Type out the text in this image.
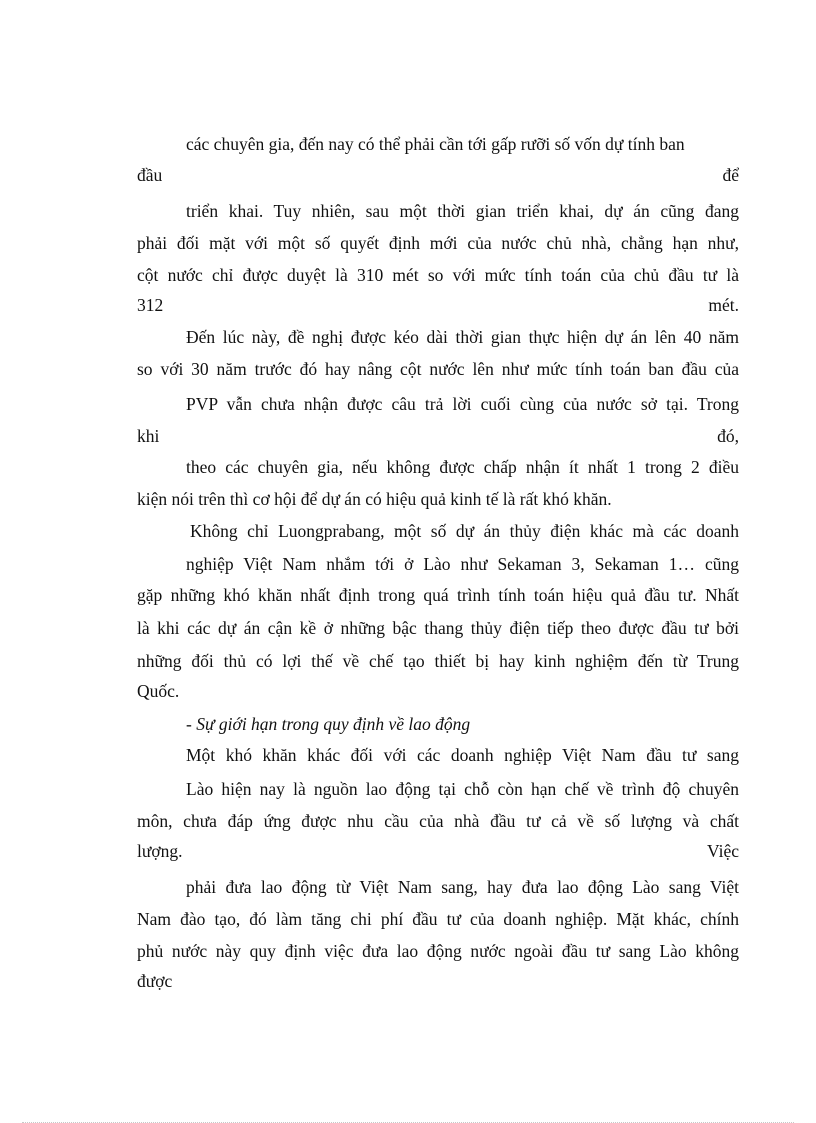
các chuyên gia, đến nay có thể phải cần tới gấp rưỡi số vốn dự tính ban
đầu	để
triển khai. Tuy nhiên, sau một thời gian triển khai, dự án cũng đang
phải đối mặt với một số quyết định mới của nước chủ nhà, chẳng hạn như,
cột nước chỉ được duyệt là 310 mét so với mức tính toán của chủ đầu tư là
312	mét.
Đến lúc này, đề nghị được kéo dài thời gian thực hiện dự án lên 40 năm
so với 30 năm trước đó hay nâng cột nước lên như mức tính toán ban đầu của
PVP vẫn chưa nhận được câu trả lời cuối cùng của nước sở tại. Trong
khi	đó,
theo các chuyên gia, nếu không được chấp nhận ít nhất 1 trong 2 điều
kiện nói trên thì cơ hội để dự án có hiệu quả kinh tế là rất khó khăn.
Không chỉ Luongprabang, một số dự án thủy điện khác mà các doanh
nghiệp Việt Nam nhắm tới ở Lào như Sekaman 3, Sekaman 1… cũng
gặp những khó khăn nhất định trong quá trình tính toán hiệu quả đầu tư. Nhất
là khi các dự án cận kề ở những bậc thang thủy điện tiếp theo được đầu tư bởi
những đối thủ có lợi thế về chế tạo thiết bị hay kinh nghiệm đến từ Trung
Quốc.
- Sự giới hạn trong quy định về lao động
Một khó khăn khác đối với các doanh nghiệp Việt Nam đầu tư sang
Lào hiện nay là nguồn lao động tại chỗ còn hạn chế về trình độ chuyên
môn, chưa đáp ứng được nhu cầu của nhà đầu tư cả về số lượng và chất
lượng.	Việc
phải đưa lao động từ Việt Nam sang, hay đưa lao động Lào sang Việt
Nam đào tạo, đó làm tăng chi phí đầu tư của doanh nghiệp. Mặt khác, chính
phủ nước này quy định việc đưa lao động nước ngoài đầu tư sang Lào không
được
